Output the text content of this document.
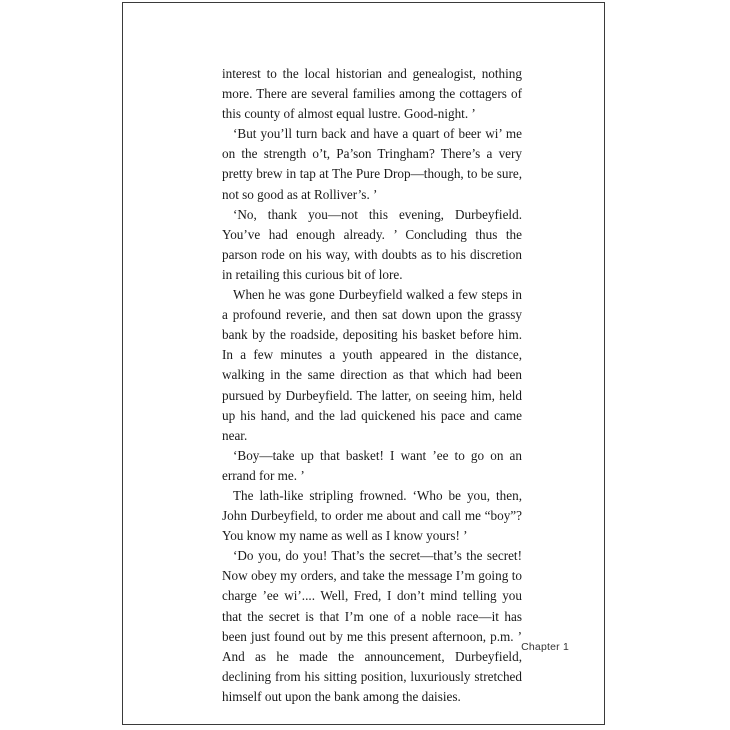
interest to the local historian and genealogist, nothing more. There are several families among the cottagers of this county of almost equal lustre. Good-night. ’

‘But you’ll turn back and have a quart of beer wi’ me on the strength o’t, Pa’son Tringham? There’s a very pretty brew in tap at The Pure Drop—though, to be sure, not so good as at Rolliver’s. ’

‘No, thank you—not this evening, Durbeyfield. You’ve had enough already. ’ Concluding thus the parson rode on his way, with doubts as to his discretion in retailing this curious bit of lore.

When he was gone Durbeyfield walked a few steps in a profound reverie, and then sat down upon the grassy bank by the roadside, depositing his basket before him. In a few minutes a youth appeared in the distance, walking in the same direction as that which had been pursued by Durbeyfield. The latter, on seeing him, held up his hand, and the lad quickened his pace and came near.

‘Boy—take up that basket! I want ’ee to go on an errand for me. ’

The lath-like stripling frowned. ‘Who be you, then, John Durbeyfield, to order me about and call me “boy”? You know my name as well as I know yours! ’

‘Do you, do you! That’s the secret—that’s the secret! Now obey my orders, and take the message I’m going to charge ’ee wi’.... Well, Fred, I don’t mind telling you that the secret is that I’m one of a noble race—it has been just found out by me this present afternoon, p.m. ’ And as he made the announcement, Durbeyfield, declining from his sitting position, luxuriously stretched himself out upon the bank among the daisies.

Chapter 1
